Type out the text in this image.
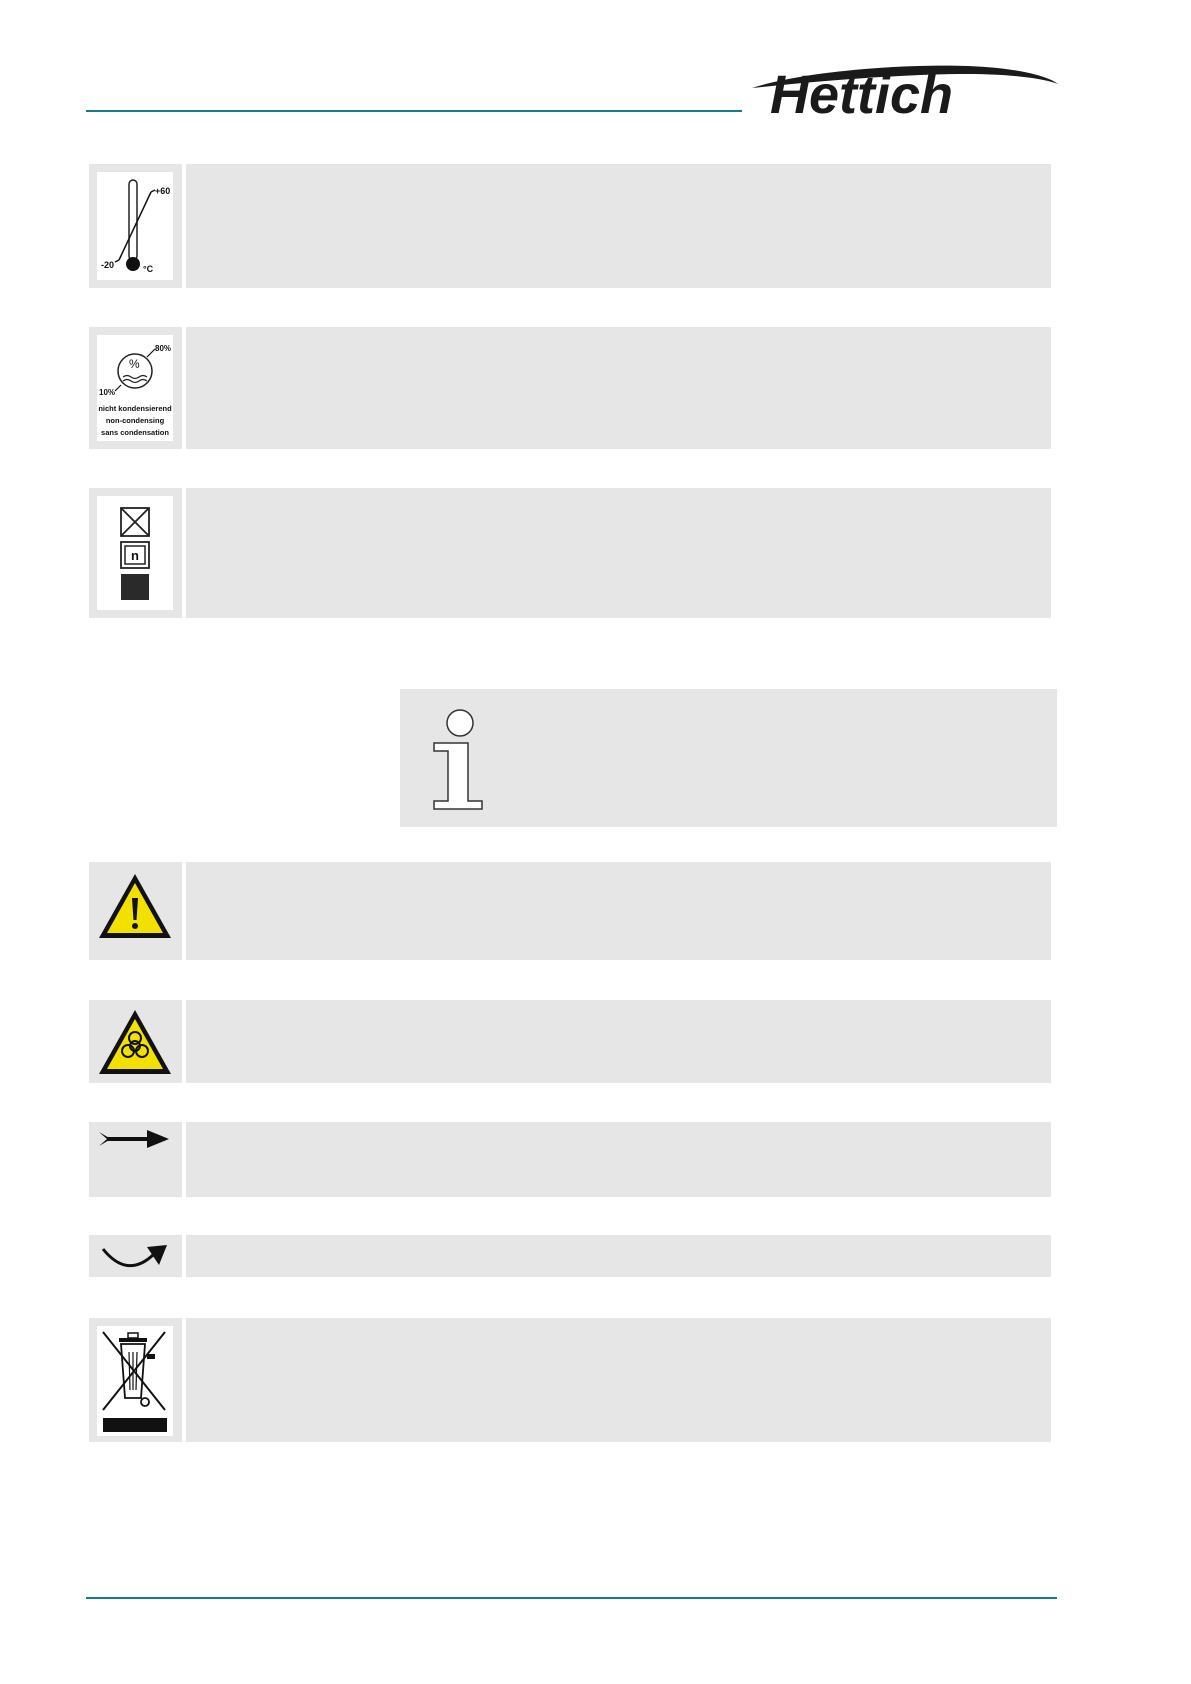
Hettich
+60
-20	°C
%
80%
10%
nicht kondensierend
non-condensing
sans condensation
n
